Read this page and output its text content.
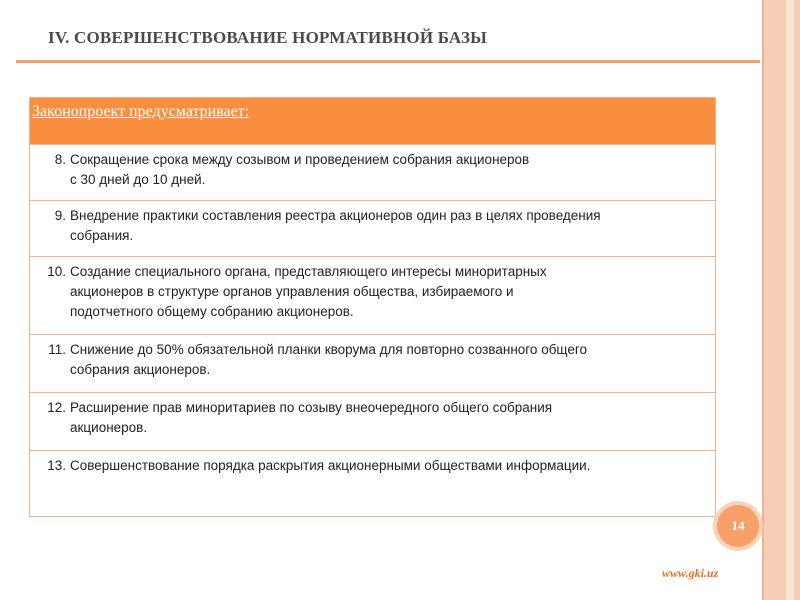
IV. СОВЕРШЕНСТВОВАНИЕ НОРМАТИВНОЙ БАЗЫ
Законопроект предусматривает:
8. Сокращение срока между созывом и проведением собрания акционеров
с 30 дней до 10 дней.
9. Внедрение практики составления реестра акционеров один раз в целях проведения
собрания.
10. Создание специального органа, представляющего интересы миноритарных
акционеров в структуре органов управления общества, избираемого и
подотчетного общему собранию акционеров.
11. Снижение до 50% обязательной планки кворума для повторно созванного общего
собрания акционеров.
12. Расширение прав миноритариев по созыву внеочередного общего собрания
акционеров.
13. Совершенствование порядка раскрытия акционерными обществами информации.
14
www.gki.uz
